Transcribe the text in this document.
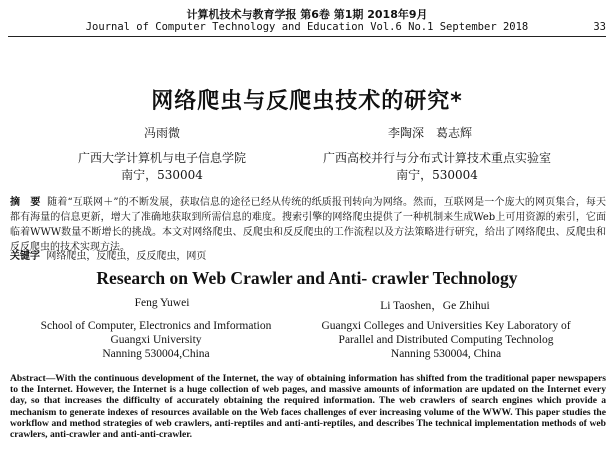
计算机技术与教育学报 第6卷 第1期 2018年9月
Journal of Computer Technology and Education Vol.6 No.1 September 2018	33
网络爬虫与反爬虫技术的研究*
冯雨微	李陶深　葛志辉
广西大学计算机与电子信息学院
南宁，530004
广西高校并行与分布式计算技术重点实验室
南宁，530004
摘　要 随着“互联网＋”的不断发展，获取信息的途径已经从传统的纸质报刊转向为网络。然而，互联网是一个庞大的网页集合，每天都有海量的信息更新，增大了准确地获取到所需信息的难度。搜索引擎的网络爬虫提供了一种机制来生成Web上可用资源的索引，它面临着WWW数量不断增长的挑战。本文对网络爬虫、反爬虫和反反爬虫的工作流程以及方法策略进行研究，给出了网络爬虫、反爬虫和反反爬虫的技术实现方法。
关键字 网络爬虫，反爬虫，反反爬虫，网页
Research on Web Crawler and Anti- crawler Technology
Feng Yuwei	Li Taoshen，Ge Zhihui
School of Computer, Electronics and Imformation
Guangxi University
Nanning 530004,China
Guangxi Colleges and Universities Key Laboratory of
Parallel and Distributed Computing Technolog
Nanning 530004, China
Abstract—With the continuous development of the Internet, the way of obtaining information has shifted from the traditional paper newspapers to the Internet. However, the Internet is a huge collection of web pages, and massive amounts of information are updated on the Internet every day, so that increases the difficulty of accurately obtaining the required information. The web crawlers of search engines which provide a mechanism to generate indexes of resources available on the Web faces challenges of ever increasing volume of the WWW. This paper studies the workflow and method strategies of web crawlers, anti-reptiles and anti-anti-reptiles, and describes The technical implementation methods of web crawlers, anti-crawler and anti-anti-crawler.
